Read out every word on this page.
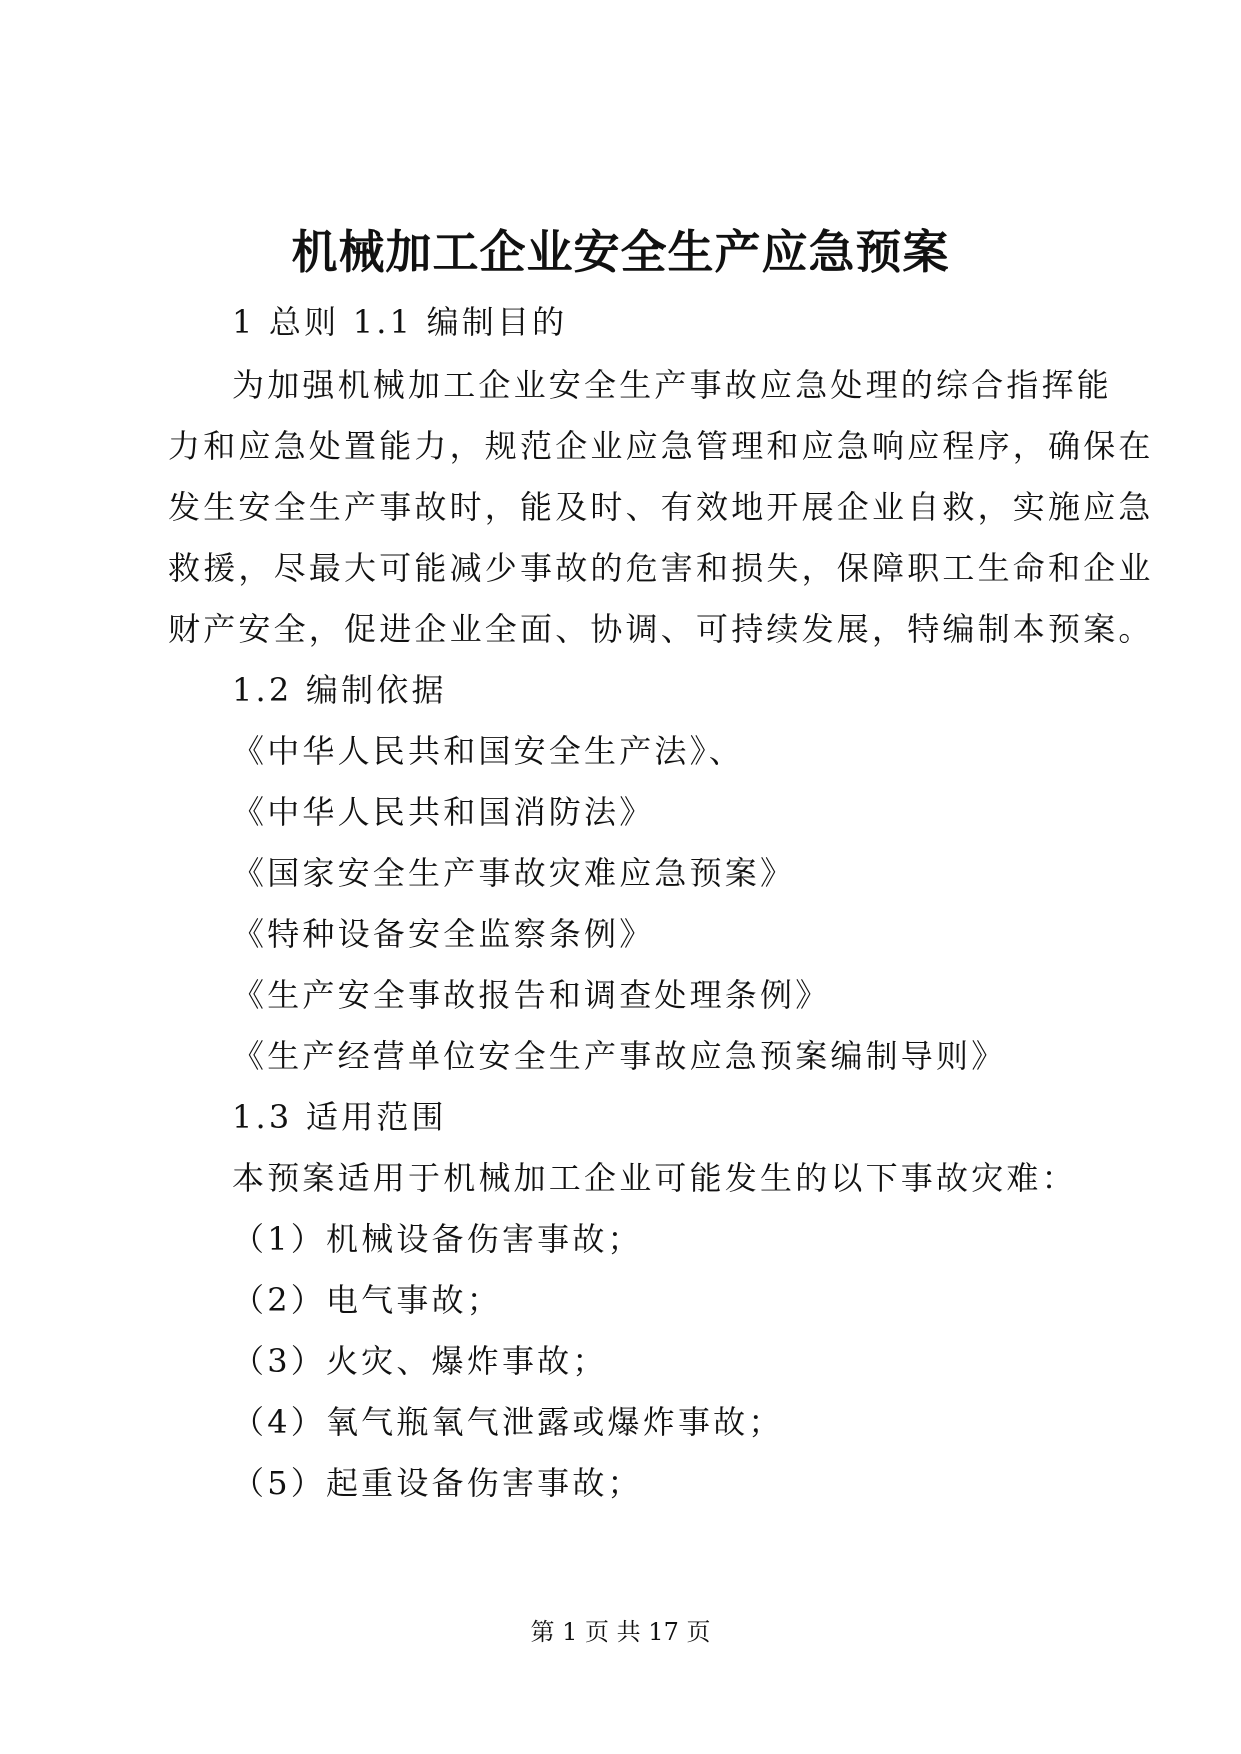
机械加工企业安全生产应急预案
1 总则 1.1 编制目的
为加强机械加工企业安全生产事故应急处理的综合指挥能
力和应急处置能力，规范企业应急管理和应急响应程序，确保在
发生安全生产事故时，能及时、有效地开展企业自救，实施应急
救援，尽最大可能减少事故的危害和损失，保障职工生命和企业
财产安全，促进企业全面、协调、可持续发展，特编制本预案。
1.2 编制依据
《中华人民共和国安全生产法》、
《中华人民共和国消防法》
《国家安全生产事故灾难应急预案》
《特种设备安全监察条例》
《生产安全事故报告和调查处理条例》
《生产经营单位安全生产事故应急预案编制导则》
1.3 适用范围
本预案适用于机械加工企业可能发生的以下事故灾难：
（1）机械设备伤害事故；
（2）电气事故；
（3）火灾、爆炸事故；
（4）氧气瓶氧气泄露或爆炸事故；
（5）起重设备伤害事故；
第 1 页 共 17 页
